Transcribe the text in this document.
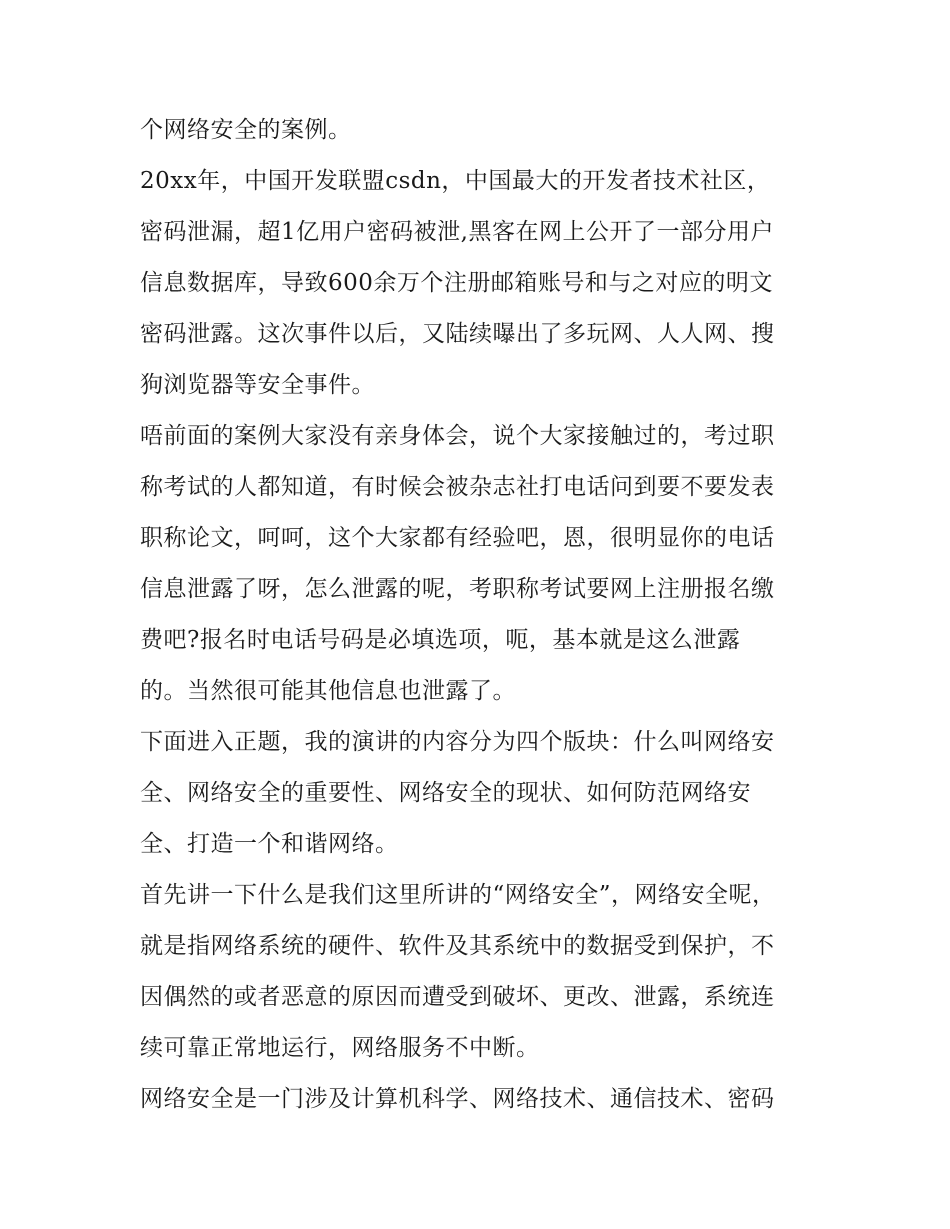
个网络安全的案例。
20xx年，中国开发联盟csdn，中国最大的开发者技术社区，
密码泄漏，超1亿用户密码被泄,黑客在网上公开了一部分用户
信息数据库，导致600余万个注册邮箱账号和与之对应的明文
密码泄露。这次事件以后，又陆续曝出了多玩网、人人网、搜
狗浏览器等安全事件。
唔前面的案例大家没有亲身体会，说个大家接触过的，考过职
称考试的人都知道，有时候会被杂志社打电话问到要不要发表
职称论文，呵呵，这个大家都有经验吧，恩，很明显你的电话
信息泄露了呀，怎么泄露的呢，考职称考试要网上注册报名缴
费吧?报名时电话号码是必填选项，呃，基本就是这么泄露
的。当然很可能其他信息也泄露了。
下面进入正题，我的演讲的内容分为四个版块：什么叫网络安
全、网络安全的重要性、网络安全的现状、如何防范网络安
全、打造一个和谐网络。
首先讲一下什么是我们这里所讲的“网络安全”，网络安全呢，
就是指网络系统的硬件、软件及其系统中的数据受到保护，不
因偶然的或者恶意的原因而遭受到破坏、更改、泄露，系统连
续可靠正常地运行，网络服务不中断。
网络安全是一门涉及计算机科学、网络技术、通信技术、密码
